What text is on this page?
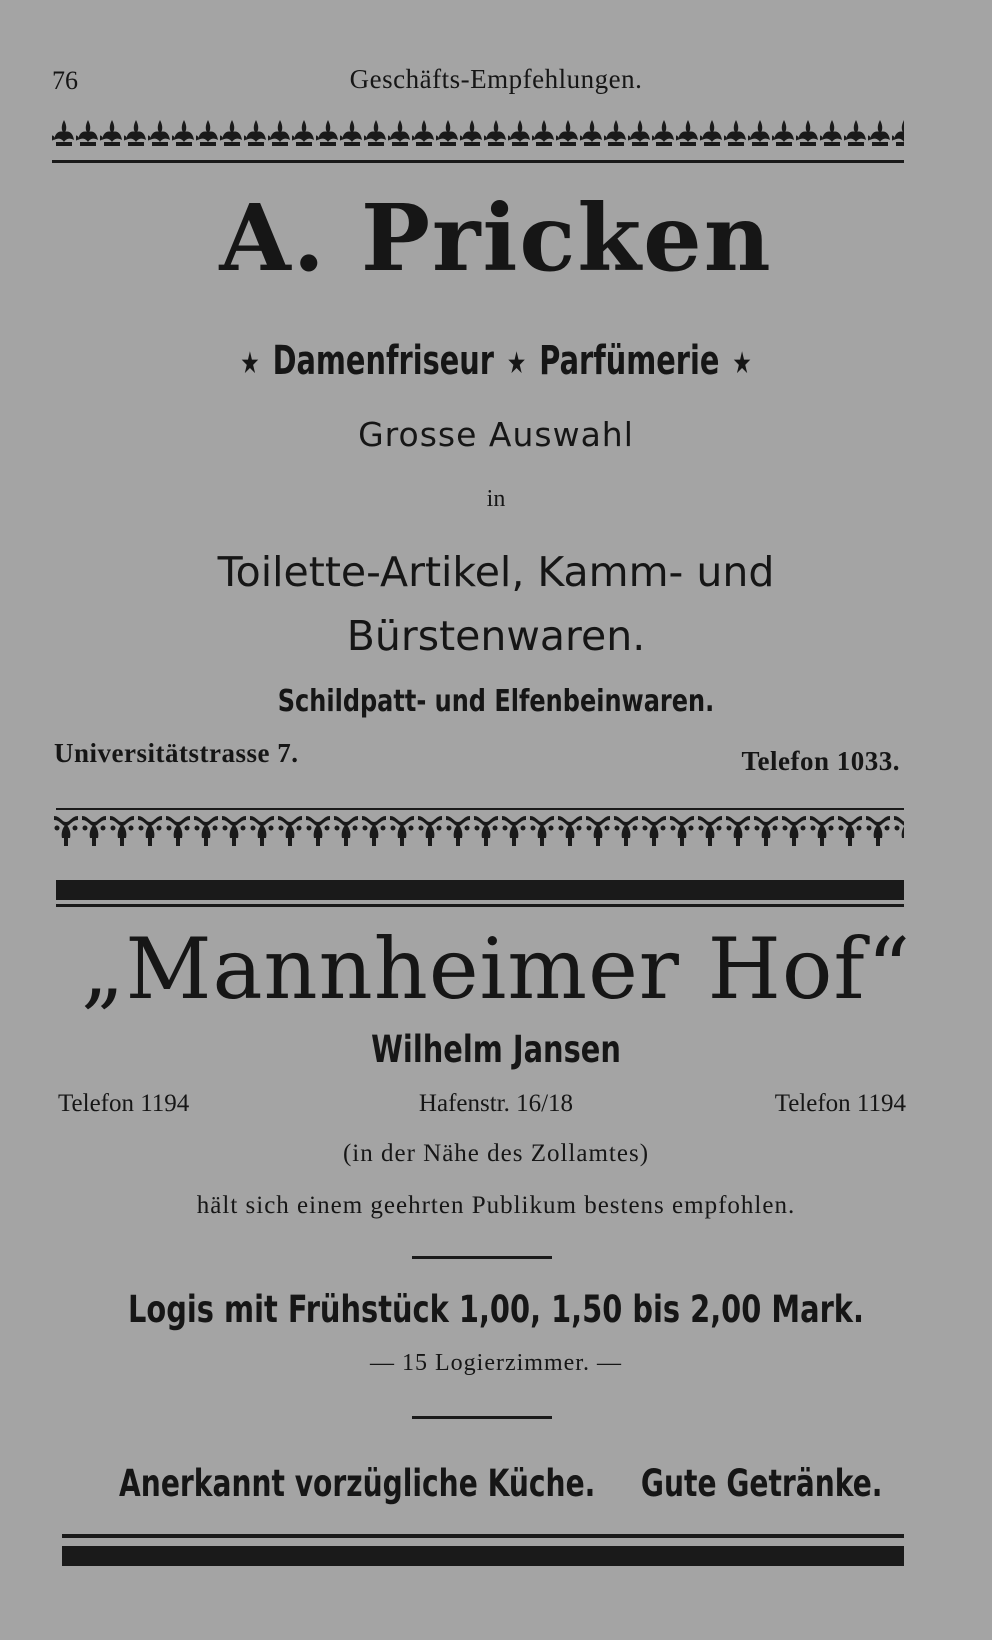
76	Geschäfts-Empfehlungen.
A. Pricken
★ Damenfriseur ★ Parfümerie ★
Grosse Auswahl
in
Toilette-Artikel, Kamm- und
Bürstenwaren.
Schildpatt- und Elfenbeinwaren.
Universitätstrasse 7.	Telefon 1033.
„Mannheimer Hof“
Wilhelm Jansen
Telefon 1194	Hafenstr. 16/18	Telefon 1194
(in der Nähe des Zollamtes)
hält sich einem geehrten Publikum bestens empfohlen.
Logis mit Frühstück 1,00, 1,50 bis 2,00 Mark.
— 15 Logierzimmer. —
Anerkannt vorzügliche Küche. Gute Getränke.
